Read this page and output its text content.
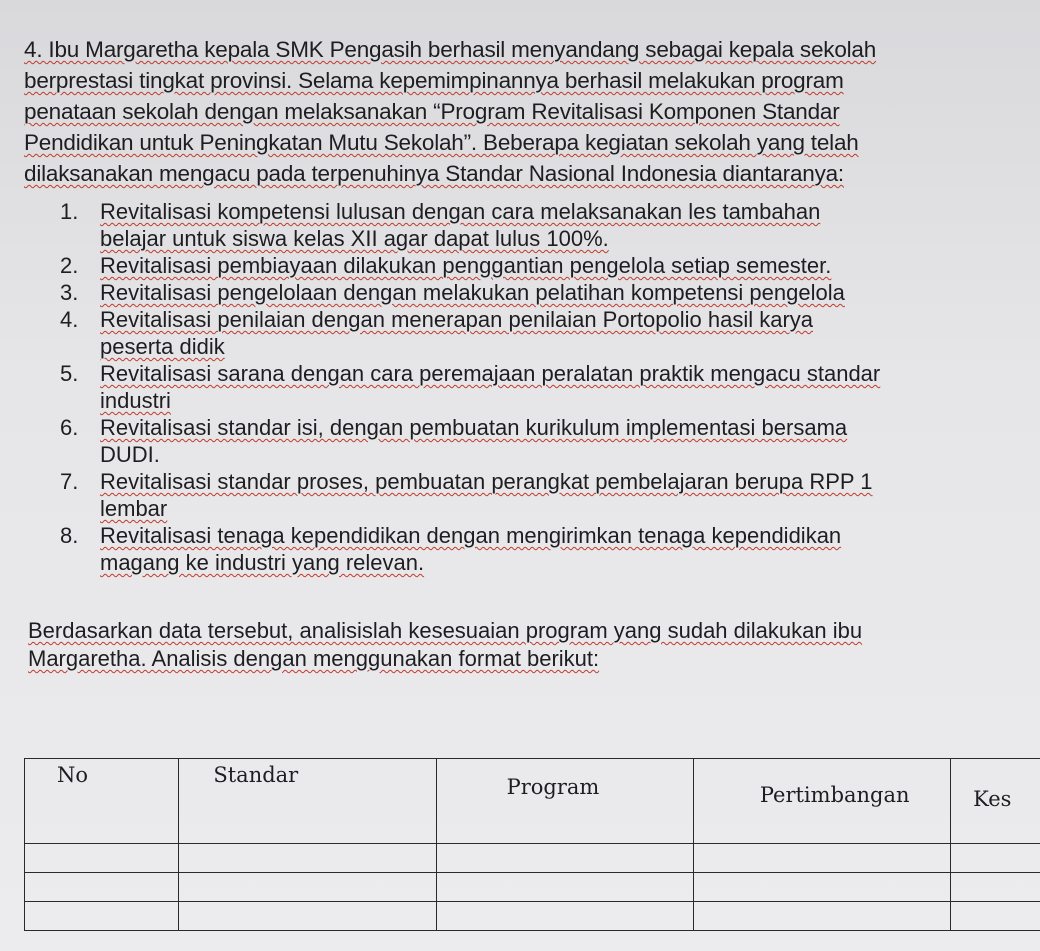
4. Ibu Margaretha kepala SMK Pengasih berhasil menyandang sebagai kepala sekolah
berprestasi tingkat provinsi. Selama kepemimpinannya berhasil melakukan program
penataan sekolah dengan melaksanakan “Program Revitalisasi Komponen Standar
Pendidikan untuk Peningkatan Mutu Sekolah”. Beberapa kegiatan sekolah yang telah
dilaksanakan mengacu pada terpenuhinya Standar Nasional Indonesia diantaranya:
1. Revitalisasi kompetensi lulusan dengan cara melaksanakan les tambahan
belajar untuk siswa kelas XII agar dapat lulus 100%.
2. Revitalisasi pembiayaan dilakukan penggantian pengelola setiap semester.
3. Revitalisasi pengelolaan dengan melakukan pelatihan kompetensi pengelola
4. Revitalisasi penilaian dengan menerapan penilaian Portopolio hasil karya
peserta didik
5. Revitalisasi sarana dengan cara peremajaan peralatan praktik mengacu standar
industri
6. Revitalisasi standar isi, dengan pembuatan kurikulum implementasi bersama
DUDI.
7. Revitalisasi standar proses, pembuatan perangkat pembelajaran berupa RPP 1
lembar
8. Revitalisasi tenaga kependidikan dengan mengirimkan tenaga kependidikan
magang ke industri yang relevan.
Berdasarkan data tersebut, analisislah kesesuaian program yang sudah dilakukan ibu
Margaretha. Analisis dengan menggunakan format berikut:
No	Standar	Program	Pertimbangan	Kes
